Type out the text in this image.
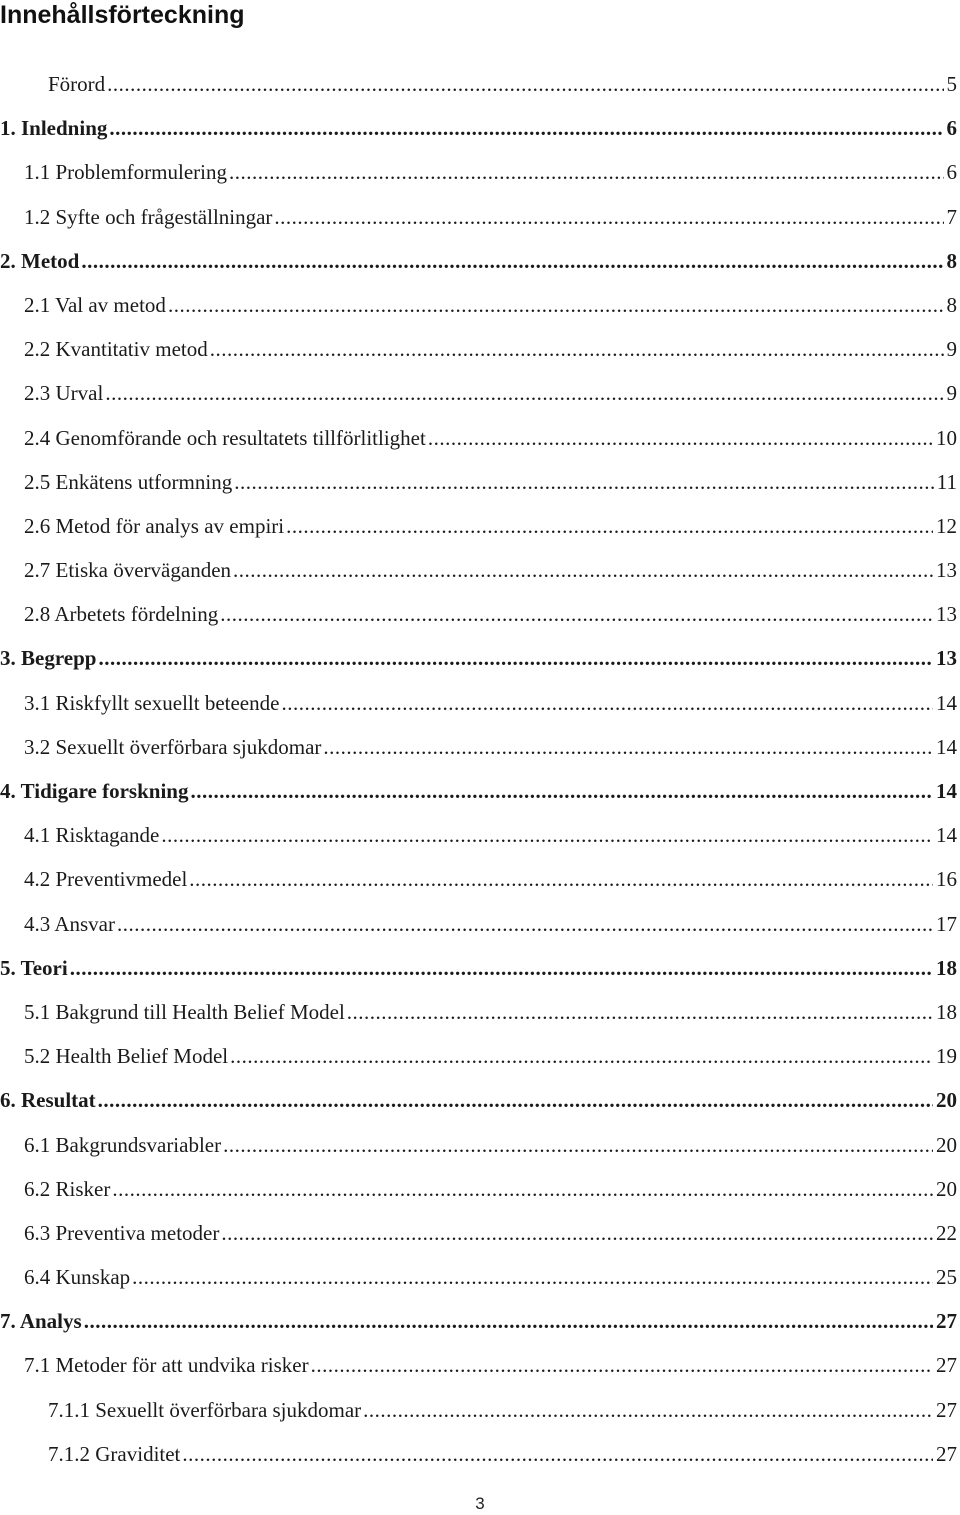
Innehållsförteckning
Förord .....	5
1. Inledning .....	6
1.1 Problemformulering .....	6
1.2 Syfte och frågeställningar .....	7
2. Metod .....	8
2.1 Val av metod .....	8
2.2 Kvantitativ metod .....	9
2.3 Urval .....	9
2.4 Genomförande och resultatets tillförlitlighet .....	10
2.5 Enkätens utformning .....	11
2.6 Metod för analys av empiri .....	12
2.7 Etiska överväganden .....	13
2.8 Arbetets fördelning .....	13
3. Begrepp .....	13
3.1 Riskfyllt sexuellt beteende .....	14
3.2 Sexuellt överförbara sjukdomar .....	14
4. Tidigare forskning .....	14
4.1 Risktagande .....	14
4.2 Preventivmedel .....	16
4.3 Ansvar .....	17
5. Teori .....	18
5.1 Bakgrund till Health Belief Model .....	18
5.2 Health Belief Model .....	19
6. Resultat .....	20
6.1 Bakgrundsvariabler .....	20
6.2 Risker .....	20
6.3 Preventiva metoder .....	22
6.4 Kunskap .....	25
7. Analys .....	27
7.1 Metoder för att undvika risker .....	27
7.1.1 Sexuellt överförbara sjukdomar .....	27
7.1.2 Graviditet .....	27
3
